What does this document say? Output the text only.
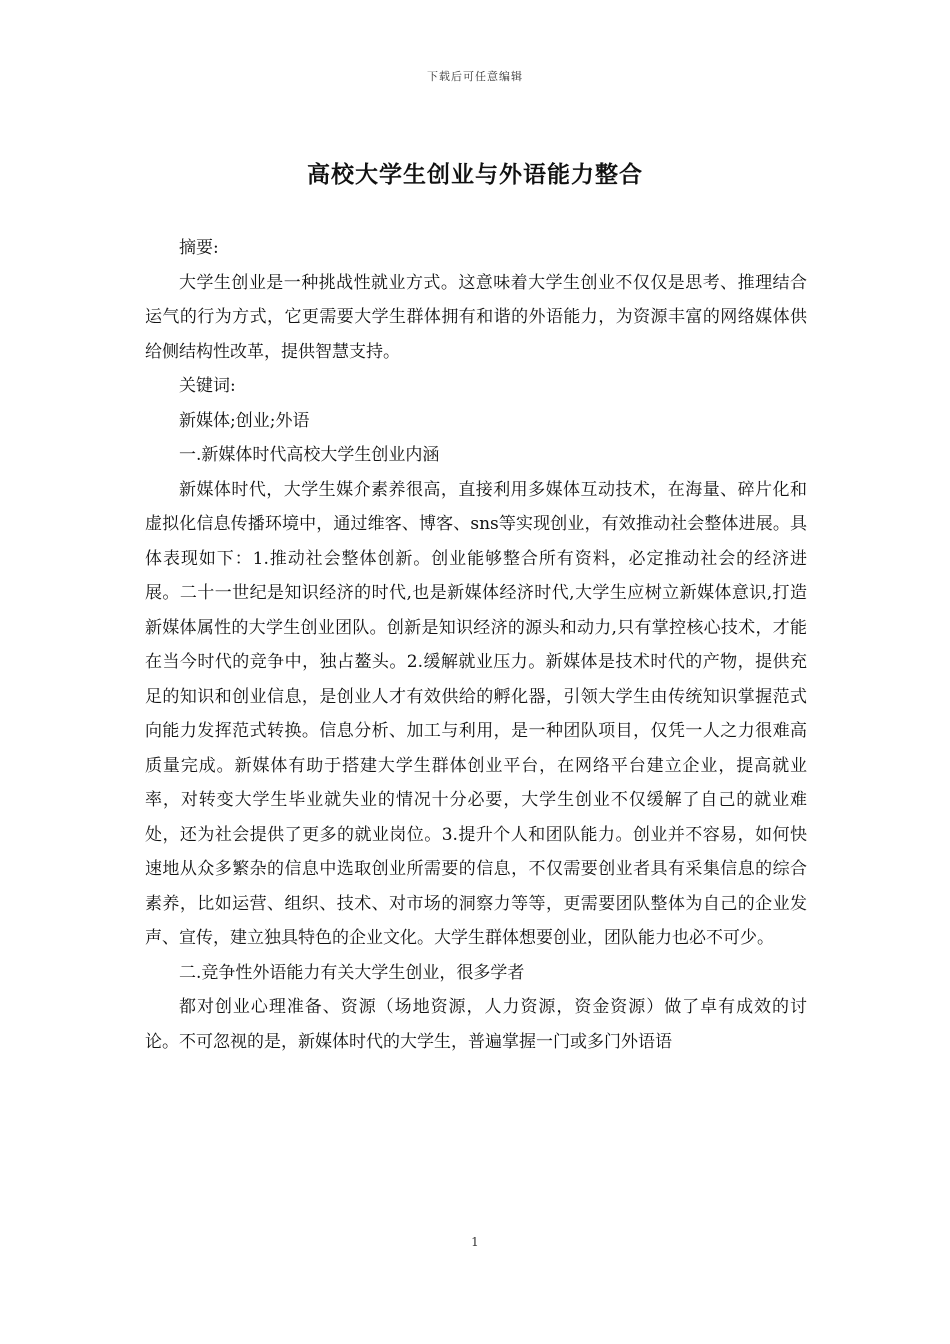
下载后可任意编辑
高校大学生创业与外语能力整合

摘要:

大学生创业是一种挑战性就业方式。这意味着大学生创业不仅仅是思考、推理结合运气的行为方式，它更需要大学生群体拥有和谐的外语能力，为资源丰富的网络媒体供给侧结构性改革，提供智慧支持。

关键词:

新媒体;创业;外语

一.新媒体时代高校大学生创业内涵

新媒体时代，大学生媒介素养很高，直接利用多媒体互动技术，在海量、碎片化和虚拟化信息传播环境中，通过维客、博客、sns等实现创业，有效推动社会整体进展。具体表现如下：1.推动社会整体创新。创业能够整合所有资料，必定推动社会的经济进展。二十一世纪是知识经济的时代,也是新媒体经济时代,大学生应树立新媒体意识,打造新媒体属性的大学生创业团队。创新是知识经济的源头和动力,只有掌控核心技术，才能在当今时代的竞争中，独占鳌头。2.缓解就业压力。新媒体是技术时代的产物，提供充足的知识和创业信息，是创业人才有效供给的孵化器，引领大学生由传统知识掌握范式向能力发挥范式转换。信息分析、加工与利用，是一种团队项目，仅凭一人之力很难高质量完成。新媒体有助于搭建大学生群体创业平台，在网络平台建立企业，提高就业率，对转变大学生毕业就失业的情况十分必要，大学生创业不仅缓解了自己的就业难处，还为社会提供了更多的就业岗位。3.提升个人和团队能力。创业并不容易，如何快速地从众多繁杂的信息中选取创业所需要的信息，不仅需要创业者具有采集信息的综合素养，比如运营、组织、技术、对市场的洞察力等等，更需要团队整体为自己的企业发声、宣传，建立独具特色的企业文化。大学生群体想要创业，团队能力也必不可少。

二.竞争性外语能力有关大学生创业，很多学者

都对创业心理准备、资源（场地资源，人力资源，资金资源）做了卓有成效的讨论。不可忽视的是，新媒体时代的大学生，普遍掌握一门或多门外语语

1
